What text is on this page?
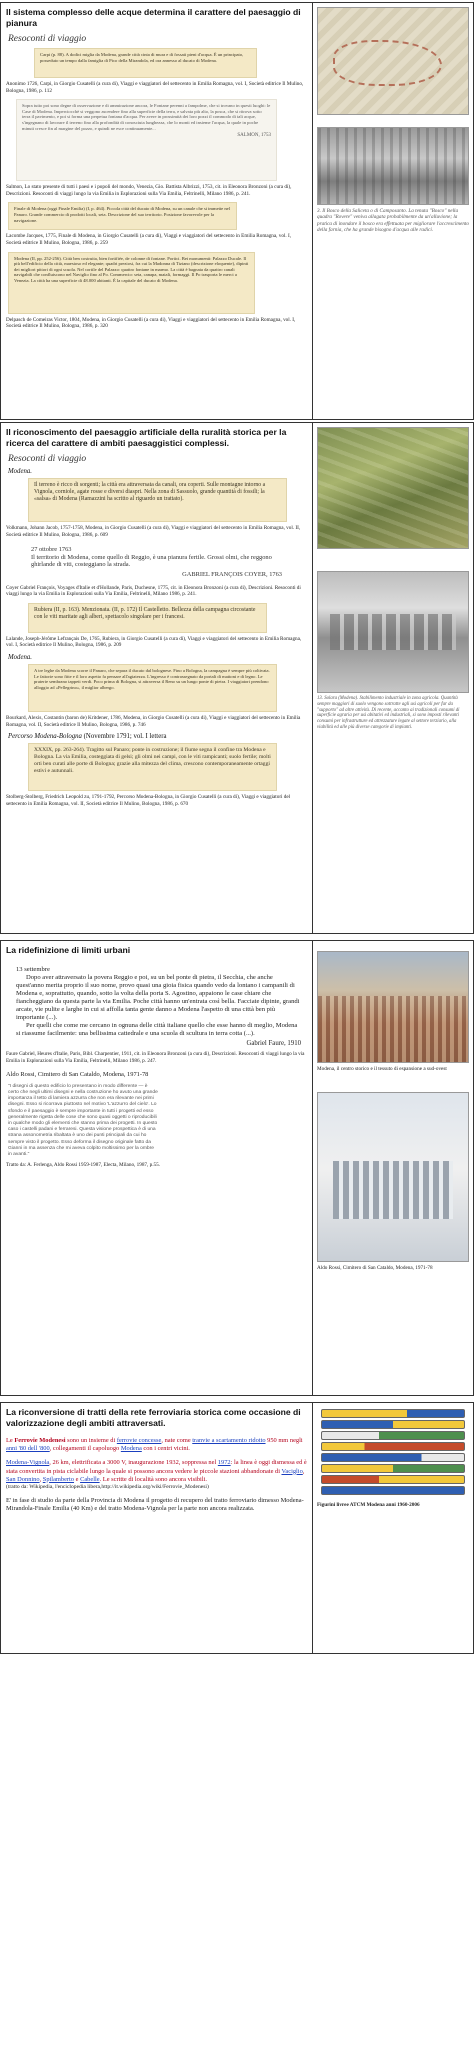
Il sistema complesso delle acque determina il carattere del paesaggio di pianura
Resoconti di viaggio
Carpi (p. 88). A dodici miglia da Modena, grande città cinta di mura e di fossati pieni d'acqua. È un principato, posseduto un tempo dalla famiglia di Pico della Mirandola, ed ora annesso al ducato di Modena.
Anonimo 1726, Carpi, in Giorgio Cusatelli (a cura di), Viaggi e viaggiatori del settecento in Emilia Romagna, vol. I, Società editrice Il Mulino, Bologna, 1986, p. 112
Sopra tutto poi sono degne di osservazione e di ammirazione ancora, le Fontane perenni a fampolme, che si trovano in questi luoghi: le Case di Modena. Imperciocchè si veggono ascendere fino alla superficie della terra, e salvata più alto, la posca, che si ritrova sotto terra il pavimento, e poi si forma una perpetua fontana d'acqua. Per avere in prossimità dei loro pozzi il commodo di tali acque, s'ingegnano di lavorare il terreno fino alla profondità di conosciuta lunghezza, che lo monti ed insieme l'acqua, la quale in poche minuti cresce fin al margine del pozzo, e quindi ne esce continuamente...
SALMON, 1753
Salmon, Lo stato presente di tutti i paesi e i popoli del mondo, Venezia, Gio. Battista Albrizzi, 1753, cit. in Eleonora Bronzoni (a cura di), Descrizioni. Resoconti di viaggi lungo la via Emilia in Esplorazioni sulla Via Emilia, Feltrinelli, Milano 1986, p. 241.
Finale di Modena (oggi Finale Emilia) (I, p. 464). Piccola città del ducato di Modena, su un canale che si immette nel Panaro. Grande commercio di prodotti locali, seta. Descrizione del suo territorio. Posizione favorevole per la navigazione.
Lacombe Jacques, 1775, Finale di Modena, in Giorgio Cusatelli (a cura di), Viaggi e viaggiatori del settecento in Emilia Romagna, vol. I, Società editrice Il Mulino, Bologna, 1986, p. 259
Modena (II, pp. 252-256). Città ben costruita, bien fortifiée, de colonne di fontane. Portici. Bei monumenti: Palazzo Ducale. Il più bell'edificio della città, maestoso ed elegante; quadri preziosi, fra cui la Madonna di Tiziano (descrizione eloquente), dipinti dei migliori pittori di ogni scuola. Nel cortile del Palazzo: quattro fontane in marmo. La città è bagnata da quattro canali navigabili che confluiscono nel Naviglio fino al Po. Commercio: seta, canapa, maiali, formaggi. Il Po trasporta le merci a Venezia. La città ha una superficie di 48.000 abitanti. È la capitale del ducato di Modena.
Delpasch de Comeiras Victor, 1804, Modena, in Giorgio Cusatelli (a cura di), Viaggi e viaggiatori del settecento in Emilia Romagna, vol. I, Società editrice Il Mulino, Bologna, 1986, p. 320
3. Il Bosco della Saliceta o di Camposanto. La tenuta "Bosco" nella quadra "Rovere" veniva allagata probabilmente da un'alluvione; la pratica di inondare il bosco era effettuata per migliorare l'accrescimento della farnia, che ha grande bisogno d'acqua alle radici.
Il riconoscimento del paesaggio artificiale della ruralità storica per la ricerca del carattere di ambiti paesaggistici complessi.
Resoconti di viaggio
Modena.
Il terreno è ricco di sorgenti; la città era attraversata da canali, ora coperti. Sulle montagne intorno a Vignola, corniole, agate rosse e diversi diaspri. Nella zona di Sassuolo, grande quantità di fossili; la «salsa» di Modena (Ramazzini ha scritto al riguardo un trattato).
Volkmann, Johann Jacob, 1757-1758, Modena, in Giorgio Cusatelli (a cura di), Viaggi e viaggiatori del settecento in Emilia Romagna, vol. II, Società editrice Il Mulino, Bologna, 1986, p. 609
27 ottobre 1763
Il territorio di Modena, come quello di Reggio, è una pianura fertile. Grossi olmi, che reggono ghirlande di viti, costeggiano la strada.
GABRIEL FRANÇOIS COYER, 1763
Coyer Gabriel François, Voyages d'Italie et d'Hollande, Paris, Duchesne, 1775, cit. in Eleonora Bronzoni (a cura di), Descrizioni. Resoconti di viaggi lungo la via Emilia in Esplorazioni sulla Via Emilia, Feltrinelli, Milano 1986, p. 241.
Rubiera (II, p. 163). Menzionata. (II, p. 172) Il Castelletto. Bellezza della campagna circostante con le viti maritate agli alberi, spettacolo singolare per i francesi.
Lalande, Joseph-Jérôme Lefrançais De, 1765, Rubiera, in Giorgio Cusatelli (a cura di), Viaggi e viaggiatori del settecento in Emilia Romagna, vol. I, Società editrice Il Mulino, Bologna, 1986, p. 209
Modena.
A tre leghe da Modena scorre il Panaro, che separa il ducato dal bolognese. Fino a Bologna, la campagna è sempre più coltivata. Le fattorie sono fitte e il loro aspetto fa pensare all'agiatezza. L'ingresso è contrassegnato da portali di mattoni e di legno. Le praterie sembrano tappeti verdi. Poco prima di Bologna, si attraversa il Reno su un lungo ponte di pietra. I viaggiatori prendono alloggio ad «Pellegrino», il miglior albergo.
Bourkard, Alexis, Costantin (baron de) Kritdener, 1786, Modena, in Giorgio Cusatelli (a cura di), Viaggi e viaggiatori del settecento in Emilia Romagna, vol. II, Società editrice Il Mulino, Bologna, 1986, p. 746
Percorso Modena-Bologna (Novembre 1791; vol. I lettera
XXXIX, pp. 263-264). Tragitto sul Panaro; ponte in costruzione; il fiume segna il confine tra Modena e Bologna. La via Emilia, costeggiata di gelsi; gli olmi nei campi, con le viti rampicanti; suolo fertile; molti orti ben curati alle porte di Bologna; grazie alla mitezza del clima, crescono contemporaneamente ortaggi estivi e autunnali.
Stolberg-Stolberg, Friedrich Leopold zu, 1791-1792, Percorso Modena-Bologna, in Giorgio Cusatelli (a cura di), Viaggi e viaggiatori del settecento in Emilia Romagna, vol. II, Società editrice Il Mulino, Bologna, 1986, p. 670
13. Solara (Modena). Stabilimento industriale in zona agricola. Quantità sempre maggiori di suolo vengono sottratte agli usi agricoli per far da "supporto" ad altre attività. Di recente, accanto ai tradizionali consumi di superficie agraria per usi abitativi ed industriali, si sono imposti rilevanti consumi per infrastrutture ed attrezzature legate al settore terziario, alla viabilità ed alle più diverse categorie di impianti.
La ridefinizione di limiti urbani
13 settembre
Dopo aver attraversato la povera Reggio e poi, su un bel ponte di pietra, il Secchia, che anche quest'anno merita proprio il suo nome, provo quasi una gioia fisica quando vedo da lontano i campanili di Modena e, soprattutto, quando, sotto la volta della porta S. Agostino, appaiono le case chiare che fiancheggiano da questa parte la via Emilia. Poche città hanno un'entrata così bella. Facciate dipinte, grandi arcate, vie pulite e larghe in cui si affolla tanta gente danno a Modena l'aspetto di una città ben più importante (...).
Per quelli che come me cercano in ognuna delle città italiane quello che esse hanno di meglio, Modena si riassume facilmente: una bellissima cattedrale e una scuola di scultura in terra cotta (...).
Gabriel Faure, 1910
Faure Gabriel, Heures d'Italie, Paris, Bibl. Charpentier, 1911, cit. in Eleonora Bronzoni (a cura di), Descrizioni. Resoconti di viaggi lungo la via Emilia in Esplorazioni sulla Via Emilia, Feltrinelli, Milano 1986, p. 247.
Aldo Rossi, Cimitero di San Cataldo, Modena, 1971-78
"I disegni di questo edificio lo presentano in modo differente — è certo che negli ultimi disegni e nella costruzione ho avuto una grande importanza il tetto di lamiera azzurra che non era rilevante nei primi disegni. Esso si ricorrava piuttosto nel motivo 'L'azzurro del cielo'. Lo sfondo e il paesaggio è sempre importante in tutti i progetti ed esso generalmente rigetta delle cose che sono quasi oggetti o riproducibili in qualche modo gli elementi che stanno prima dei progetti. In questo caso i castelli padani e ferraresi. Questa visione prospettica è di una strana assonometria ribaltata è uno dei punti principali da cui ho sempre visto il progetto. Esso deforma il disegno originale fatto da Gianni in ma assenza che mi aveva colpito moltissimo per la ombre in avanti."
Tratto da: A. Ferlenga, Aldo Rossi 1959-1987, Electa, Milano, 1987, p.55.
Modena, il centro storico e il tessuto di espansione a sud-ovest
Aldo Rossi, Cimitero di San Cataldo, Modena, 1971-78
La riconversione di tratti della rete ferroviaria storica come occasione di valorizzazione degli ambiti attraversati.
Le Ferrovie Modenesi sono un insieme di ferrovie concesse, nate come tranvie a scartamento ridotto 950 mm negli anni '80 dell '800, collegamenti il capoluogo Modena con i centri vicini.
Modena-Vignola, 26 km, elettrificata a 3000 V, inaugurazione 1932, soppressa nel 1972: la linea è oggi dismessa ed è stata convertita in pista ciclabile lungo la quale si possono ancora vedere le piccole stazioni abbandonate di Vaciglio, San Donnino, Spilamberto e Cabelle. Le scritte di località sono ancora visibili.
(tratto da: Wikipedia, l'enciclopedia libera,http://it.wikipedia.org/wiki/Ferrovie_Modenesi)
E' in fase di studio da parte della Provincia di Modena il progetto di recupero del tratto ferroviario dimesso Modena-Mirandola-Finale Emilia (40 Km) e del tratto Modena-Vignola per la parte non ancora realizzata.
Figurini livree ATCM Modena anni 1960-2006
